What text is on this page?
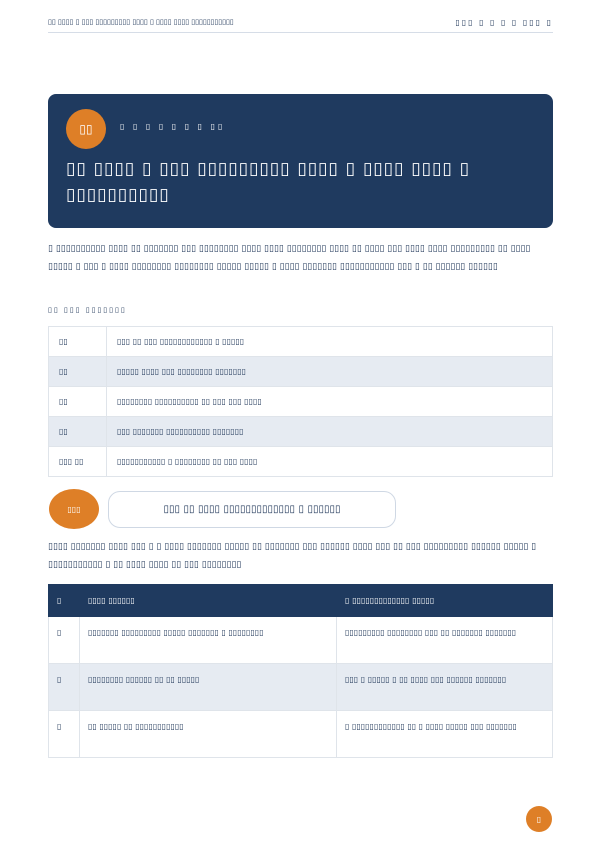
▯▯ ▯▯▯▯ ▯ ▯▯▯ ▯▯▯▯▯▯▯▯▯ ▯▯▯▯ ▯ ▯▯▯▯ ▯▯▯▯ ▯▯▯▯▯▯▯▯▯▯▯	▯▯▯ ▯ ▯ ▯ ▯ ▯▯▯ ▯
▯▯	▯ ▯ ▯ ▯ ▯ ▯ ▯ ▯▯
▯▯ ▯▯▯▯ ▯ ▯▯▯ ▯▯▯▯▯▯▯▯▯ ▯▯▯▯ ▯ ▯▯▯▯ ▯▯▯▯ ▯ ▯▯▯▯▯▯▯▯▯▯

▯ ▯▯▯▯▯▯▯▯▯▯ ▯▯▯▯ ▯▯ ▯▯▯▯▯▯▯ ▯▯▯ ▯▯▯▯▯▯▯▯ ▯▯▯▯ ▯▯▯▯ ▯▯▯▯▯▯▯▯ ▯▯▯▯ ▯▯ ▯▯▯▯ ▯▯▯ ▯▯▯▯ ▯▯▯▯ ▯▯▯▯▯▯▯▯▯ ▯▯ ▯▯▯▯ ▯▯▯▯▯ ▯ ▯▯▯ ▯ ▯▯▯▯ ▯▯▯▯▯▯▯▯ ▯▯▯▯▯▯▯▯ ▯▯▯▯▯ ▯▯▯▯▯ ▯ ▯▯▯▯ ▯▯▯▯▯▯▯ ▯▯▯▯▯▯▯▯▯▯▯ ▯▯▯ ▯ ▯▯ ▯▯▯▯▯▯ ▯▯▯▯▯▯

▯▯ ▯▯▯ ▯▯▯▯▯▯▯
▯▯	▯▯▯ ▯▯ ▯▯▯ ▯▯▯▯▯▯▯▯▯▯▯▯ ▯ ▯▯▯▯▯
▯▯	▯▯▯▯▯ ▯▯▯▯ ▯▯▯ ▯▯▯▯▯▯▯▯ ▯▯▯▯▯▯▯
▯▯	▯▯▯▯▯▯▯▯ ▯▯▯▯▯▯▯▯▯▯ ▯▯ ▯▯▯ ▯▯▯ ▯▯▯▯
▯▯	▯▯▯ ▯▯▯▯▯▯▯ ▯▯▯▯▯▯▯▯▯▯ ▯▯▯▯▯▯▯
▯▯▯ ▯▯	▯▯▯▯▯▯▯▯▯▯▯ ▯ ▯▯▯▯▯▯▯▯ ▯▯ ▯▯▯ ▯▯▯▯
▯▯▯	▯▯▯ ▯▯ ▯▯▯▯ ▯▯▯▯▯▯▯▯▯▯▯▯▯ ▯ ▯▯▯▯▯▯

▯▯▯▯ ▯▯▯▯▯▯▯ ▯▯▯▯ ▯▯▯ ▯ ▯ ▯▯▯▯ ▯▯▯▯▯▯▯ ▯▯▯▯▯ ▯▯ ▯▯▯▯▯▯▯ ▯▯▯ ▯▯▯▯▯▯ ▯▯▯▯ ▯▯▯ ▯▯ ▯▯▯ ▯▯▯▯▯▯▯▯▯ ▯▯▯▯▯▯ ▯▯▯▯▯ ▯ ▯▯▯▯▯▯▯▯▯▯▯ ▯ ▯▯ ▯▯▯▯ ▯▯▯▯ ▯▯ ▯▯▯ ▯▯▯▯▯▯▯▯

▯	▯▯▯▯ ▯▯▯▯▯▯	▯ ▯▯▯▯▯▯▯▯▯▯▯▯▯ ▯▯▯▯▯
▯	▯▯▯▯▯▯▯ ▯▯▯▯▯▯▯▯▯ ▯▯▯▯▯ ▯▯▯▯▯▯▯ ▯ ▯▯▯▯▯▯▯▯	▯▯▯▯▯▯▯▯▯ ▯▯▯▯▯▯▯▯ ▯▯▯ ▯▯ ▯▯▯▯▯▯▯ ▯▯▯▯▯▯▯
▯	▯▯▯▯▯▯▯▯ ▯▯▯▯▯▯ ▯▯ ▯▯ ▯▯▯▯▯	▯▯▯ ▯ ▯▯▯▯▯ ▯ ▯▯ ▯▯▯▯ ▯▯▯ ▯▯▯▯▯▯ ▯▯▯▯▯▯▯
▯	▯▯ ▯▯▯▯▯ ▯▯ ▯▯▯▯▯▯▯▯▯▯▯	▯ ▯▯▯▯▯▯▯▯▯▯▯▯ ▯▯ ▯ ▯▯▯▯ ▯▯▯▯▯ ▯▯▯ ▯▯▯▯▯▯▯
▯
